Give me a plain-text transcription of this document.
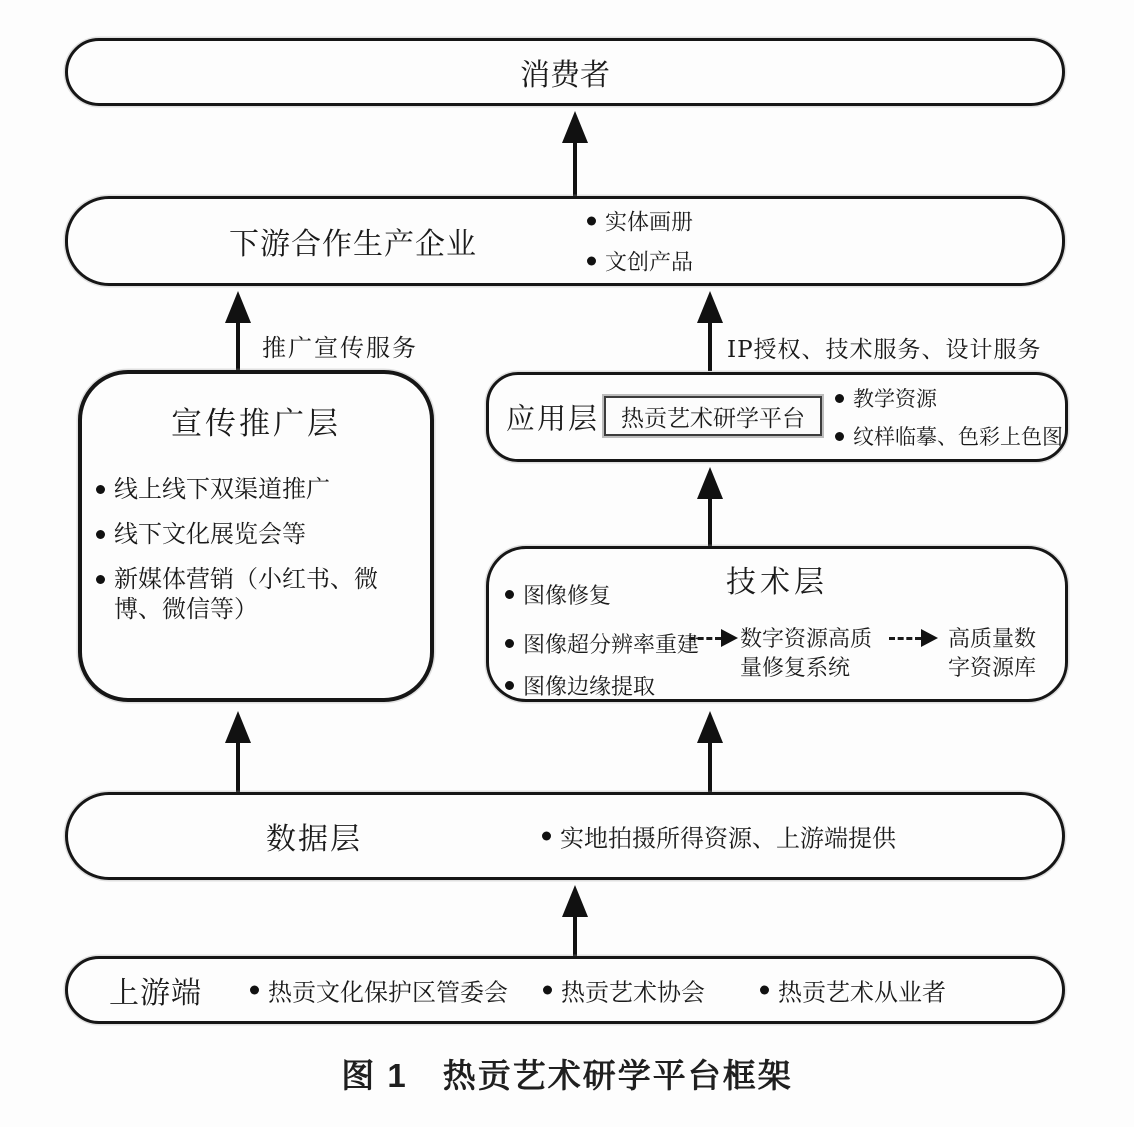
消费者
下游合作生产企业
实体画册
文创产品
推广宣传服务	IP授权、技术服务、设计服务
宣传推广层
线上线下双渠道推广
线下文化展览会等
新媒体营销（小红书、微博、微信等）
应用层 热贡艺术研学平台
教学资源
纹样临摹、色彩上色图
技术层
图像修复
图像超分辨率重建
图像边缘提取
数字资源高质量修复系统
高质量数字资源库
数据层	实地拍摄所得资源、上游端提供
上游端	热贡文化保护区管委会 热贡艺术协会	热贡艺术从业者
图 1　热贡艺术研学平台框架
